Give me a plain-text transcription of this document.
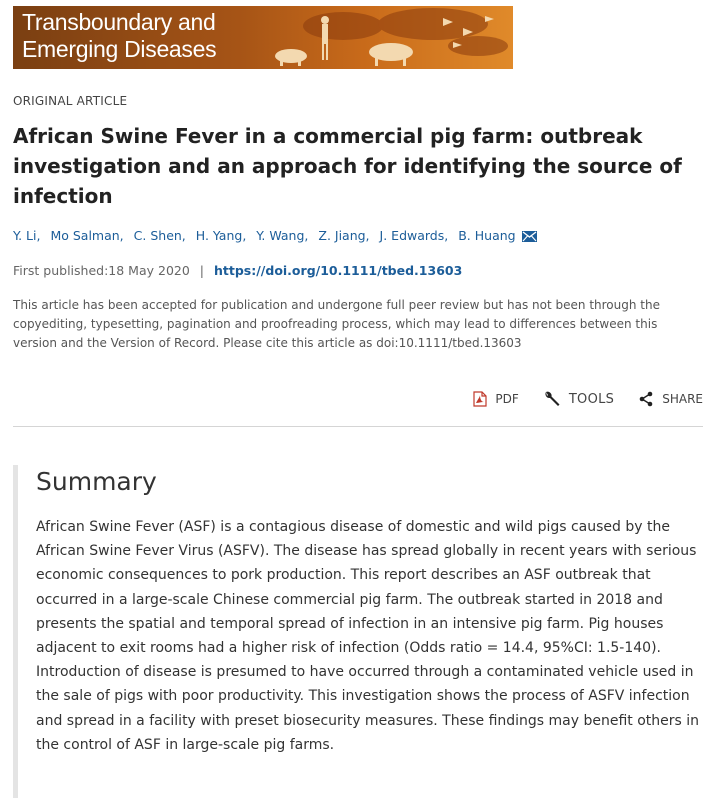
Transboundary and
Emerging Diseases
ORIGINAL ARTICLE
African Swine Fever in a commercial pig farm: outbreak investigation and an approach for identifying the source of infection
Y. Li, Mo Salman, C. Shen, H. Yang, Y. Wang, Z. Jiang, J. Edwards, B. Huang
First published:18 May 2020 | https://doi.org/10.1111/tbed.13603
This article has been accepted for publication and undergone full peer review but has not been through the copyediting, typesetting, pagination and proofreading process, which may lead to differences between this version and the Version of Record. Please cite this article as doi:10.1111/tbed.13603
PDF	TOOLS	SHARE
Summary

African Swine Fever (ASF) is a contagious disease of domestic and wild pigs caused by the African Swine Fever Virus (ASFV). The disease has spread globally in recent years with serious economic consequences to pork production. This report describes an ASF outbreak that occurred in a large-scale Chinese commercial pig farm. The outbreak started in 2018 and presents the spatial and temporal spread of infection in an intensive pig farm. Pig houses adjacent to exit rooms had a higher risk of infection (Odds ratio = 14.4, 95%CI: 1.5-140). Introduction of disease is presumed to have occurred through a contaminated vehicle used in the sale of pigs with poor productivity. This investigation shows the process of ASFV infection and spread in a facility with preset biosecurity measures. These findings may benefit others in the control of ASF in large-scale pig farms.
